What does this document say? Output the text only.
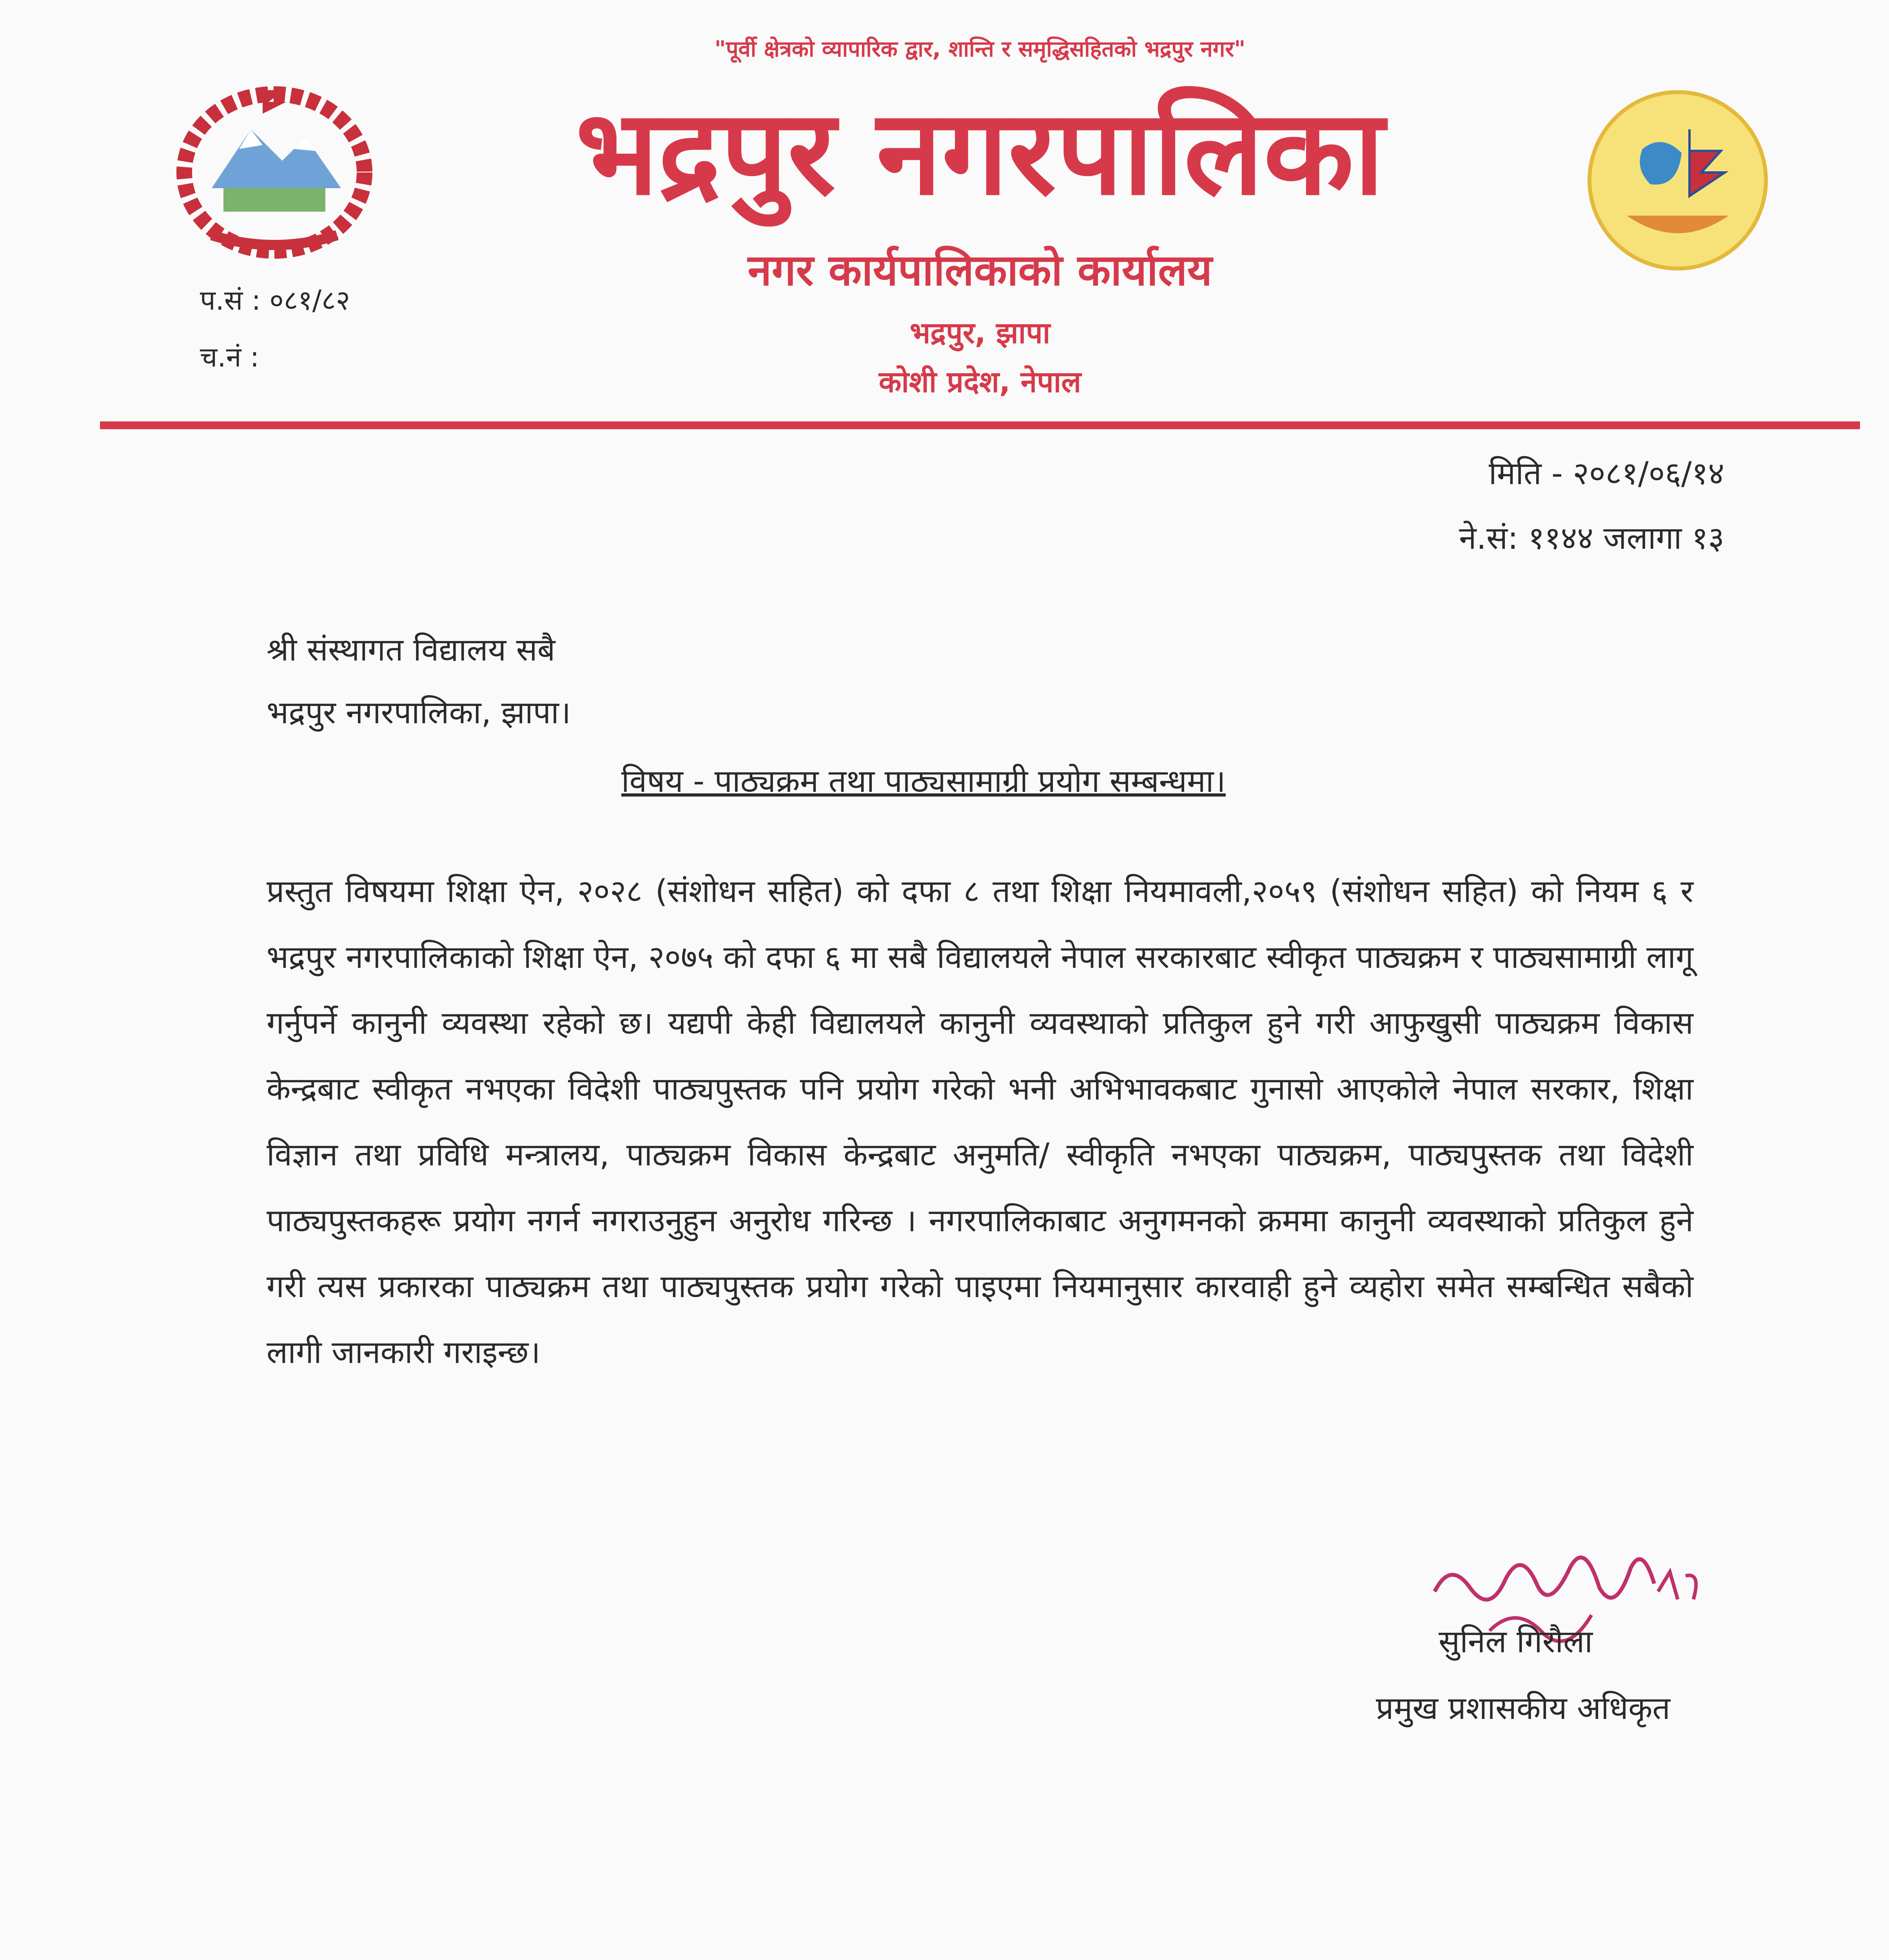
"पूर्वी क्षेत्रको व्यापारिक द्वार, शान्ति र समृद्धिसहितको भद्रपुर नगर"
भद्रपुर नगरपालिका
नगर कार्यपालिकाको कार्यालय
भद्रपुर, झापा
कोशी प्रदेश, नेपाल
प.सं : ०८१/८२
च.नं :
मिति - २०८१/०६/१४
ने.सं: ११४४ जलागा १३
श्री संस्थागत विद्यालय सबै
भद्रपुर नगरपालिका, झापा।
विषय - पाठ्यक्रम तथा पाठ्यसामाग्री प्रयोग सम्बन्धमा।
प्रस्तुत विषयमा शिक्षा ऐन, २०२८ (संशोधन सहित) को दफा ८ तथा शिक्षा नियमावली,२०५९ (संशोधन सहित) को नियम ६ र भद्रपुर नगरपालिकाको शिक्षा ऐन, २०७५ को दफा ६ मा सबै विद्यालयले नेपाल सरकारबाट स्वीकृत पाठ्यक्रम र पाठ्यसामाग्री लागू गर्नुपर्ने कानुनी व्यवस्था रहेको छ। यद्यपी केही विद्यालयले कानुनी व्यवस्थाको प्रतिकुल हुने गरी आफुखुसी पाठ्यक्रम विकास केन्द्रबाट स्वीकृत नभएका विदेशी पाठ्यपुस्तक पनि प्रयोग गरेको भनी अभिभावकबाट गुनासो आएकोले नेपाल सरकार, शिक्षा विज्ञान तथा प्रविधि मन्त्रालय, पाठ्यक्रम विकास केन्द्रबाट अनुमति/ स्वीकृति नभएका पाठ्यक्रम, पाठ्यपुस्तक तथा विदेशी पाठ्यपुस्तकहरू प्रयोग नगर्न नगराउनुहुन अनुरोध गरिन्छ । नगरपालिकाबाट अनुगमनको क्रममा कानुनी व्यवस्थाको प्रतिकुल हुने गरी त्यस प्रकारका पाठ्यक्रम तथा पाठ्यपुस्तक प्रयोग गरेको पाइएमा नियमानुसार कारवाही हुने व्यहोरा समेत सम्बन्धित सबैको लागी जानकारी गराइन्छ।
सुनिल गिरौला
प्रमुख प्रशासकीय अधिकृत
